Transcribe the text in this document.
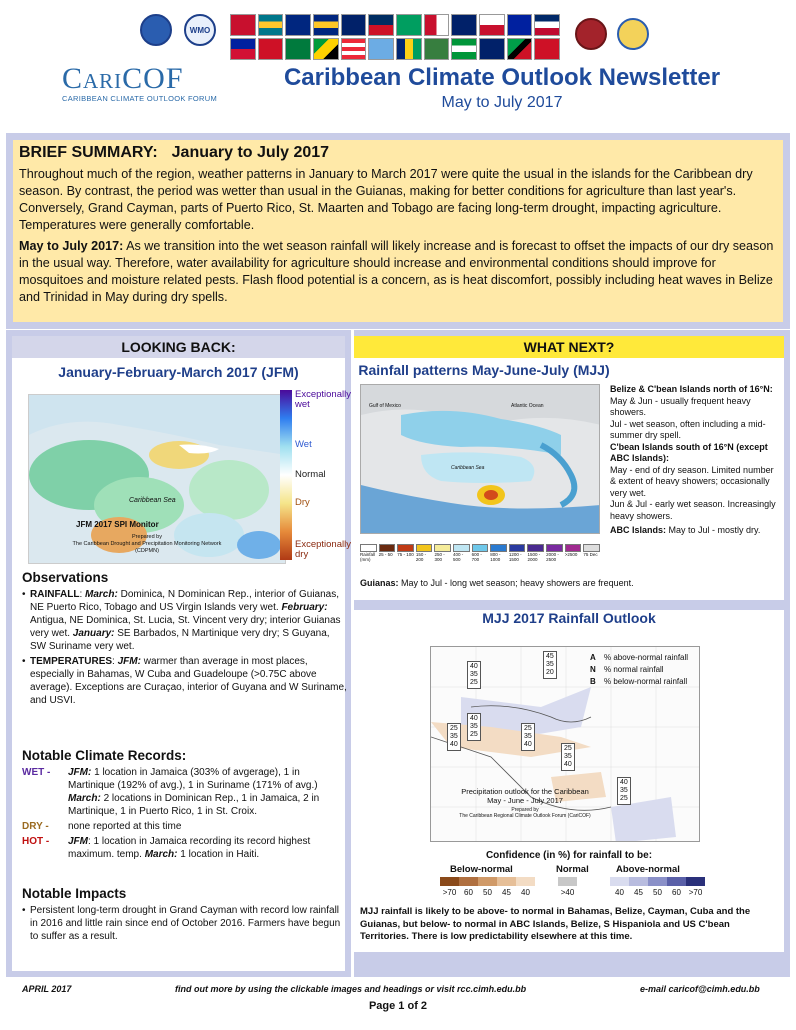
WMO
CariCOF
CARIBBEAN CLIMATE OUTLOOK FORUM
Caribbean Climate Outlook Newsletter
May to July 2017
BRIEF SUMMARY: January to July 2017

Throughout much of the region, weather patterns in January to March 2017 were quite the usual in the islands for the Caribbean dry season. By contrast, the period was wetter than usual in the Guianas, making for better conditions for agriculture than last year's. Conversely, Grand Cayman, parts of Puerto Rico, St. Maarten and Tobago are facing long-term drought, impacting agriculture. Temperatures were generally comfortable.

May to July 2017: As we transition into the wet season rainfall will likely increase and is forecast to offset the impacts of our dry season in the usual way. Therefore, water availability for agriculture should increase and environmental conditions should improve for mosquitoes and moisture related pests. Flash flood potential is a concern, as is heat discomfort, possibly including heat waves in Belize and Trinidad in May during dry spells.

LOOKING BACK:
January-February-March 2017 (JFM)
Caribbean Sea
JFM 2017 SPI Monitor
Prepared by
The Caribbean Drought and Precipitation Monitoring Network (CDPMN)
Exceptionally wet
Wet
Normal
Dry
Exceptionally dry
Observations
• RAINFALL: March: Dominica, N Dominican Rep., interior of Guianas, NE Puerto Rico, Tobago and US Virgin Islands very wet. February: Antigua, NE Dominica, St. Lucia, St. Vincent very dry; interior Guianas very wet. January: SE Barbados, N Martinique very dry; S Guyana, SW Suriname very wet.
• TEMPERATURES: JFM: warmer than average in most places, especially in Bahamas, W Cuba and Guadeloupe (>0.75C above average). Exceptions are Curaçao, interior of Guyana and W Suriname, and USVI.
Notable Climate Records:
WET -	JFM: 1 location in Jamaica (303% of avgerage), 1 in Martinique (192% of avg.), 1 in Suriname (171% of avg.)
March: 2 locations in Dominican Rep., 1 in Jamaica, 2 in Martinique, 1 in Puerto Rico, 1 in St. Croix.
DRY -	none reported at this time
HOT -	JFM: 1 location in Jamaica recording its record highest maximum. temp. March: 1 location in Haiti.
Notable Impacts
• Persistent long-term drought in Grand Cayman with record low rainfall in 2016 and little rain since end of October 2016. Farmers have begun to suffer as a result.
WHAT NEXT?
Rainfall patterns May-June-July (MJJ)
Gulf of Mexico	Atlantic Ocean
Caribbean Sea
Rainfall (mm)
25 - 50	75 - 100 150 - 200
250 - 300
400 - 500
600 - 700
800 - 1000
1200 - 1500
1500 - 2000
2000 - 2500
>2500	75 Dec
Belize & C'bean Islands north of 16°N:
May & Jun - usually frequent heavy showers.
Jul - wet season, often including a mid-summer dry spell.
C'bean Islands south of 16°N (except ABC Islands):
May - end of dry season. Limited number & extent of heavy showers; occasionally very wet.
Jun & Jul - early wet season. Increasingly heavy showers.
ABC Islands: May to Jul - mostly dry.
Guianas: May to Jul - long wet season; heavy showers are frequent.
MJJ 2017 Rainfall Outlook
45
35
20
40
35
25
25
35
40
40
35
25
25
35
40
25
35
40
40
35
25
Precipitation outlook for the Caribbean
May - June - July 2017
Prepared by
The Caribbean Regional Climate Outlook Forum (CariCOF)
A % above-normal rainfall
N % normal rainfall
B % below-normal rainfall
Confidence (in %) for rainfall to be:
Below-normal	Normal	Above-normal
>70 60	50	45	40	>40	40	45	50	60 >70
MJJ rainfall is likely to be above- to normal in Bahamas, Belize, Cayman, Cuba and the Guianas, but below- to normal in ABC Islands, Belize, S Hispaniola and US C'bean Territories. There is low predictability elsewhere at this time.
APRIL 2017	find out more by using the clickable images and headings or visit rcc.cimh.edu.bb	e-mail caricof@cimh.edu.bb
Page 1 of 2
